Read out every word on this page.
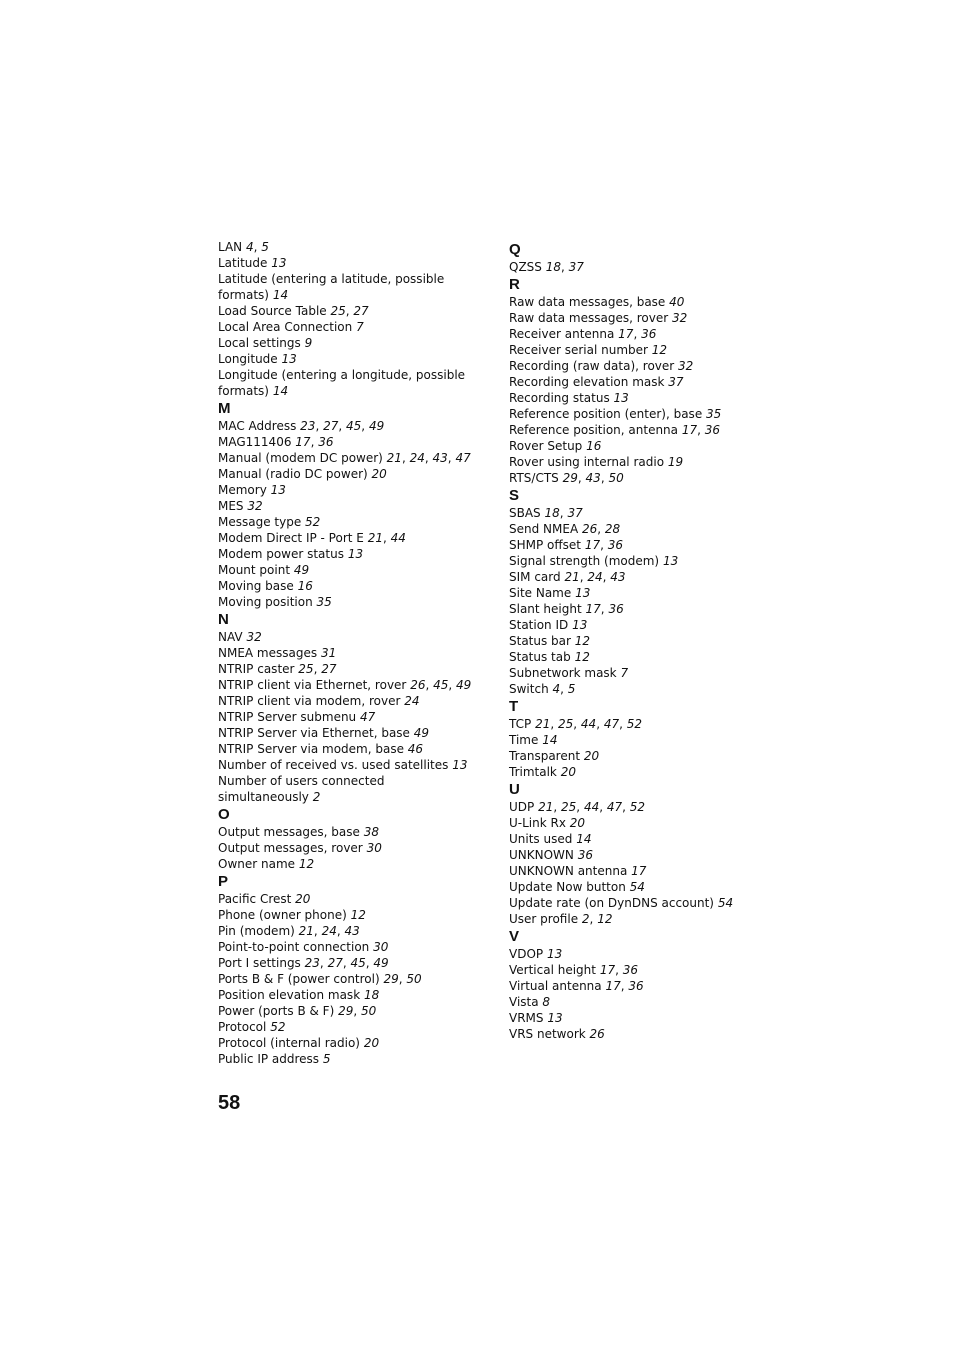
LAN 4, 5
Latitude 13
Latitude (entering a latitude, possible formats) 14
Load Source Table 25, 27
Local Area Connection 7
Local settings 9
Longitude 13
Longitude (entering a longitude, possible formats) 14
M
MAC Address 23, 27, 45, 49
MAG111406 17, 36
Manual (modem DC power) 21, 24, 43, 47
Manual (radio DC power) 20
Memory 13
MES 32
Message type 52
Modem Direct IP - Port E 21, 44
Modem power status 13
Mount point 49
Moving base 16
Moving position 35
N
NAV 32
NMEA messages 31
NTRIP caster 25, 27
NTRIP client via Ethernet, rover 26, 45, 49
NTRIP client via modem, rover 24
NTRIP Server submenu 47
NTRIP Server via Ethernet, base 49
NTRIP Server via modem, base 46
Number of received vs. used satellites 13
Number of users connected simultaneously 2
O
Output messages, base 38
Output messages, rover 30
Owner name 12
P
Pacific Crest 20
Phone (owner phone) 12
Pin (modem) 21, 24, 43
Point-to-point connection 30
Port I settings 23, 27, 45, 49
Ports B & F (power control) 29, 50
Position elevation mask 18
Power (ports B & F) 29, 50
Protocol 52
Protocol (internal radio) 20
Public IP address 5
Q
QZSS 18, 37
R
Raw data messages, base 40
Raw data messages, rover 32
Receiver antenna 17, 36
Receiver serial number 12
Recording (raw data), rover 32
Recording elevation mask 37
Recording status 13
Reference position (enter), base 35
Reference position, antenna 17, 36
Rover Setup 16
Rover using internal radio 19
RTS/CTS 29, 43, 50
S
SBAS 18, 37
Send NMEA 26, 28
SHMP offset 17, 36
Signal strength (modem) 13
SIM card 21, 24, 43
Site Name 13
Slant height 17, 36
Station ID 13
Status bar 12
Status tab 12
Subnetwork mask 7
Switch 4, 5
T
TCP 21, 25, 44, 47, 52
Time 14
Transparent 20
Trimtalk 20
U
UDP 21, 25, 44, 47, 52
U-Link Rx 20
Units used 14
UNKNOWN 36
UNKNOWN antenna 17
Update Now button 54
Update rate (on DynDNS account) 54
User profile 2, 12
V
VDOP 13
Vertical height 17, 36
Virtual antenna 17, 36
Vista 8
VRMS 13
VRS network 26
58
